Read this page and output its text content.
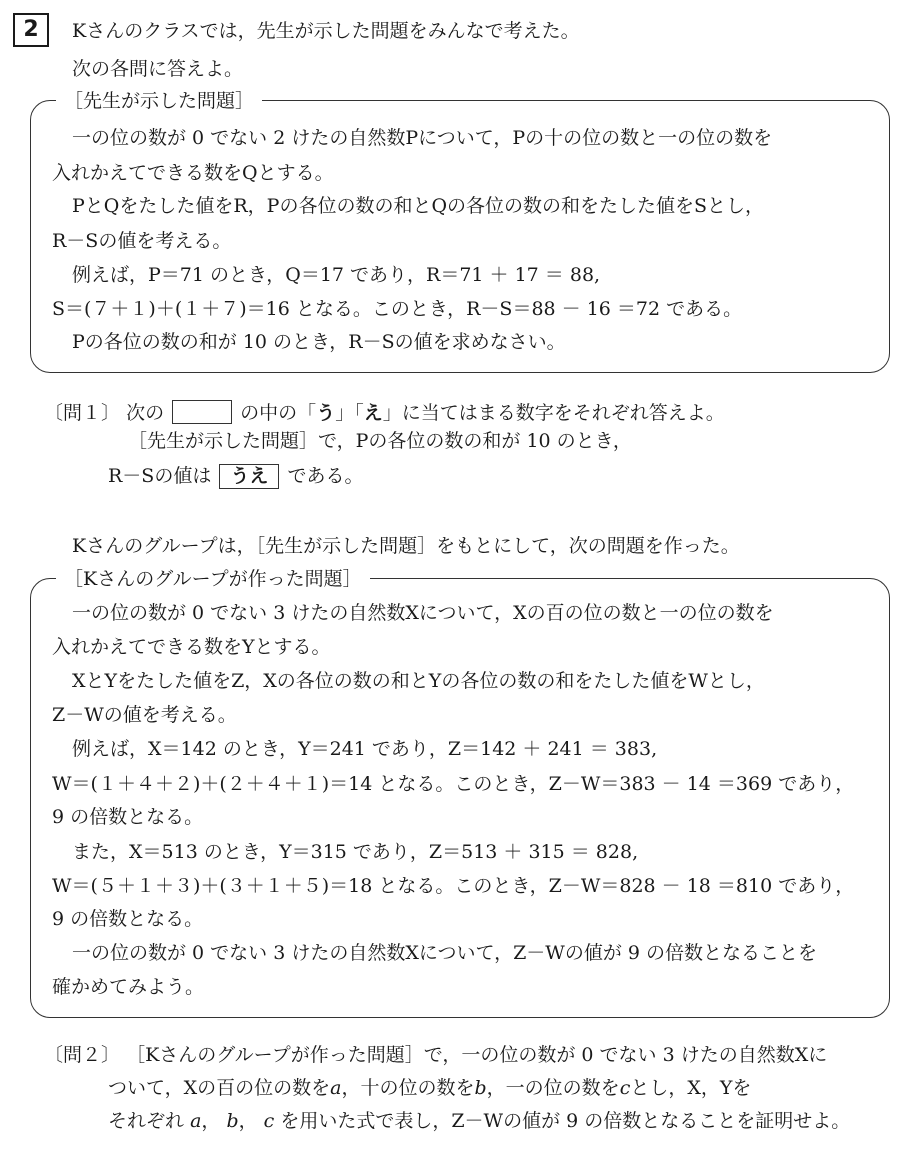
2	Kさんのクラスでは，先生が示した問題をみんなで考えた。
次の各問に答えよ。
［先生が示した問題］
一の位の数が 0 でない 2 けたの自然数Pについて，Pの十の位の数と一の位の数を
入れかえてできる数をQとする。
PとQをたした値をR，Pの各位の数の和とQの各位の数の和をたした値をSとし，
R－Sの値を考える。
例えば，P＝71 のとき，Q＝17 であり，R＝71 ＋ 17 ＝ 88,
S＝(７＋１)＋(１＋７)＝16 となる。このとき，R－S＝88 － 16 ＝72 である。
Pの各位の数の和が 10 のとき，R－Sの値を求めなさい。
〔問１〕 次の	の中の「う」「え」に当てはまる数字をそれぞれ答えよ。
［先生が示した問題］で，Pの各位の数の和が 10 のとき，
R－Sの値は うえ である。
Kさんのグループは，［先生が示した問題］をもとにして，次の問題を作った。
［Kさんのグループが作った問題］
一の位の数が 0 でない 3 けたの自然数Xについて，Xの百の位の数と一の位の数を
入れかえてできる数をYとする。
XとYをたした値をZ，Xの各位の数の和とYの各位の数の和をたした値をWとし，
Z－Wの値を考える。
例えば，X＝142 のとき，Y＝241 であり，Z＝142 ＋ 241 ＝ 383,
W＝(１＋４＋２)＋(２＋４＋１)＝14 となる。このとき，Z－W＝383 － 14 ＝369 であり，
9 の倍数となる。
また，X＝513 のとき，Y＝315 であり，Z＝513 ＋ 315 ＝ 828,
W＝(５＋１＋３)＋(３＋１＋５)＝18 となる。このとき，Z－W＝828 － 18 ＝810 であり，
9 の倍数となる。
一の位の数が 0 でない 3 けたの自然数Xについて，Z－Wの値が 9 の倍数となることを
確かめてみよう。
〔問２〕 ［Kさんのグループが作った問題］で，一の位の数が 0 でない 3 けたの自然数Xに
ついて，Xの百の位の数をa，十の位の数をb，一の位の数をcとし，X，Yを
それぞれ a， b， c を用いた式で表し，Z－Wの値が 9 の倍数となることを証明せよ。
